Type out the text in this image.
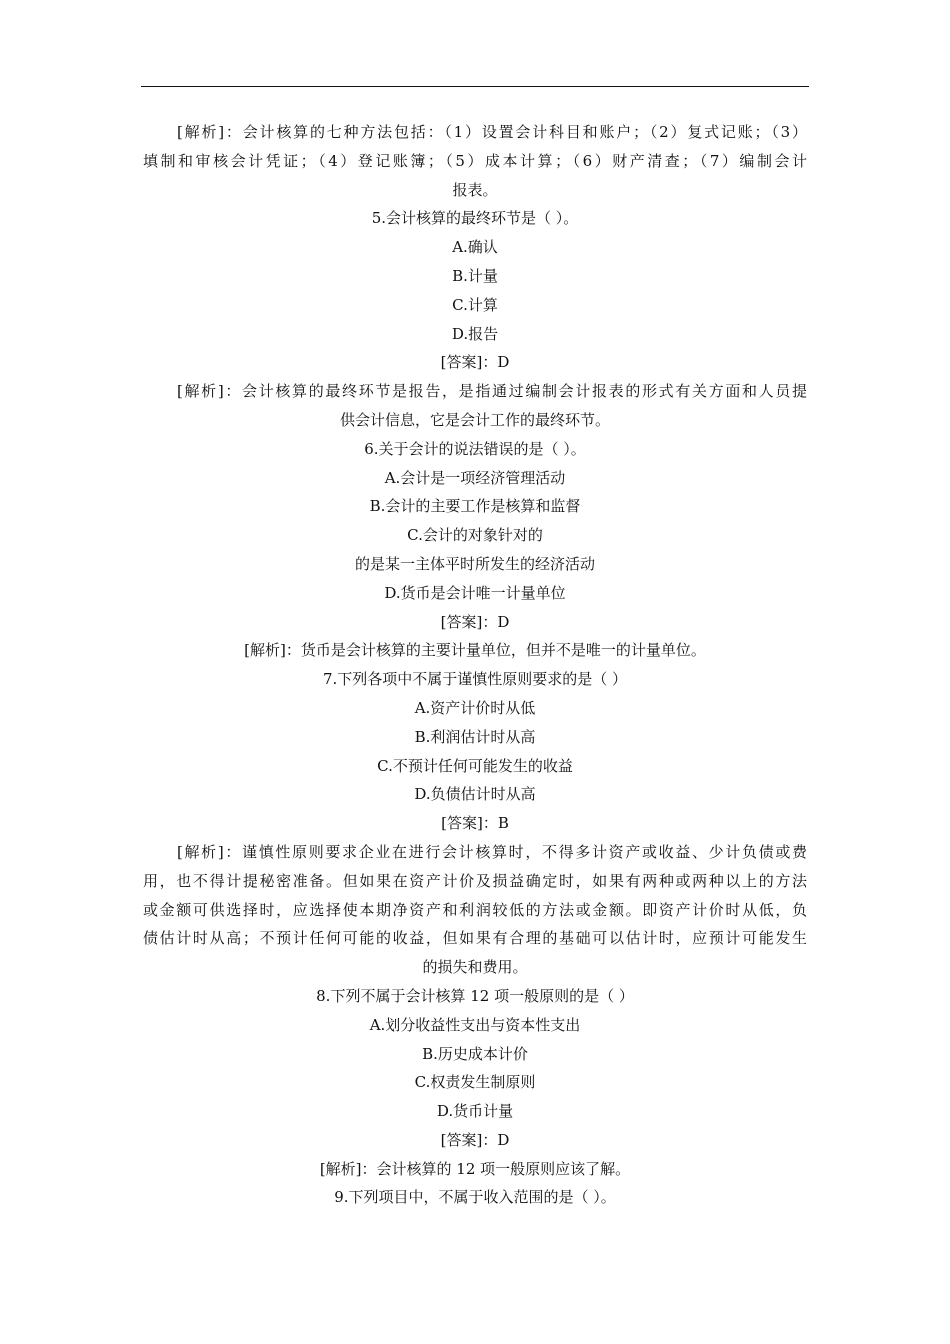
[解析]：会计核算的七种方法包括：（1）设置会计科目和账户；（2）复式记账；（3）
填制和审核会计凭证；（4）登记账簿；（5）成本计算；（6）财产清查；（7）编制会计
报表。
5.会计核算的最终环节是（ ）。
A.确认
B.计量
C.计算
D.报告
[答案]：D
[解析]：会计核算的最终环节是报告，是指通过编制会计报表的形式有关方面和人员提
供会计信息，它是会计工作的最终环节。
6.关于会计的说法错误的是（ ）。
A.会计是一项经济管理活动
B.会计的主要工作是核算和监督
C.会计的对象针对的
的是某一主体平时所发生的经济活动
D.货币是会计唯一计量单位
[答案]：D
[解析]：货币是会计核算的主要计量单位，但并不是唯一的计量单位。
7.下列各项中不属于谨慎性原则要求的是（ ）
A.资产计价时从低
B.利润估计时从高
C.不预计任何可能发生的收益
D.负债估计时从高
[答案]：B
[解析]：谨慎性原则要求企业在进行会计核算时，不得多计资产或收益、少计负债或费
用，也不得计提秘密准备。但如果在资产计价及损益确定时，如果有两种或两种以上的方法
或金额可供选择时，应选择使本期净资产和利润较低的方法或金额。即资产计价时从低，负
债估计时从高；不预计任何可能的收益，但如果有合理的基础可以估计时，应预计可能发生
的损失和费用。
8.下列不属于会计核算 12 项一般原则的是（ ）
A.划分收益性支出与资本性支出
B.历史成本计价
C.权责发生制原则
D.货币计量
[答案]：D
[解析]：会计核算的 12 项一般原则应该了解。
9.下列项目中，不属于收入范围的是（ ）。
